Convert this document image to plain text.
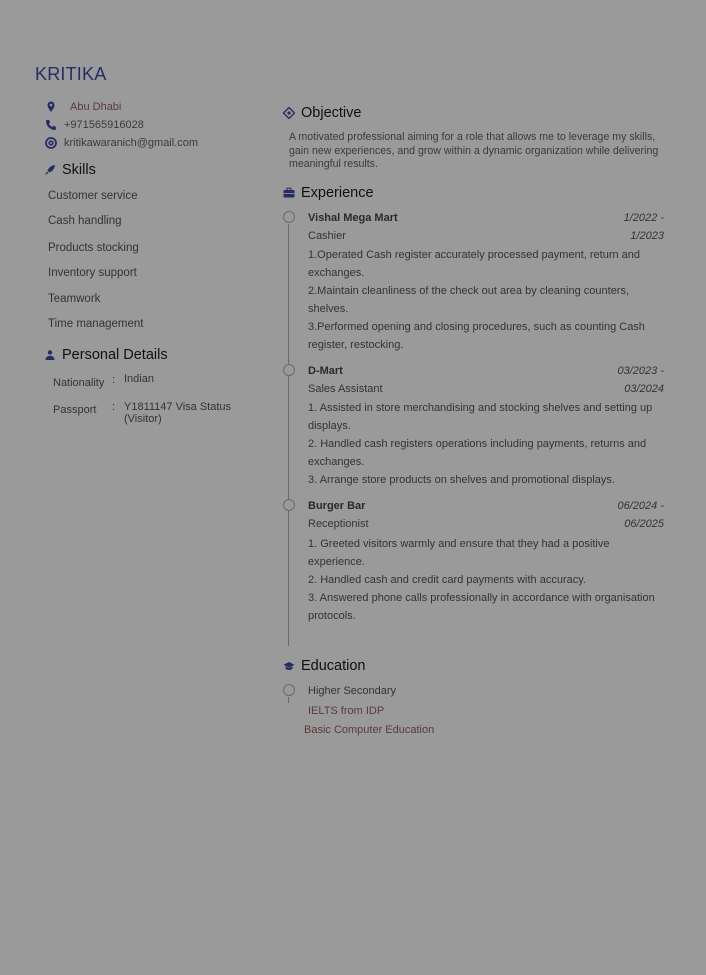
KRITIKA
Abu Dhabi
+971565916028
kritikawaranich@gmail.com
Skills
Customer service
Cash handling
Products stocking
Inventory support
Teamwork
Time management
Personal Details
Nationality : Indian
Passport : Y1811147 Visa Status (Visitor)
Objective
A motivated professional aiming for a role that allows me to leverage my skills, gain new experiences, and grow within a dynamic organization while delivering meaningful results.
Experience
Vishal Mega Mart	1/2022 -
Cashier	1/2023
1.Operated Cash register accurately processed payment, return and exchanges.
2.Maintain cleanliness of the check out area by cleaning counters, shelves.
3.Performed opening and closing procedures, such as counting Cash register, restocking.
D-Mart	03/2023 -
Sales Assistant	03/2024
1. Assisted in store merchandising and stocking shelves and setting up displays.
2. Handled cash registers operations including payments, returns and exchanges.
3. Arrange store products on shelves and promotional displays.
Burger Bar	06/2024 -
Receptionist	06/2025
1. Greeted visitors warmly and ensure that they had a positive experience.
2. Handled cash and credit card payments with accuracy.
3. Answered phone calls professionally in accordance with organisation protocols.
Education
Higher Secondary
IELTS from IDP
Basic Computer Education
